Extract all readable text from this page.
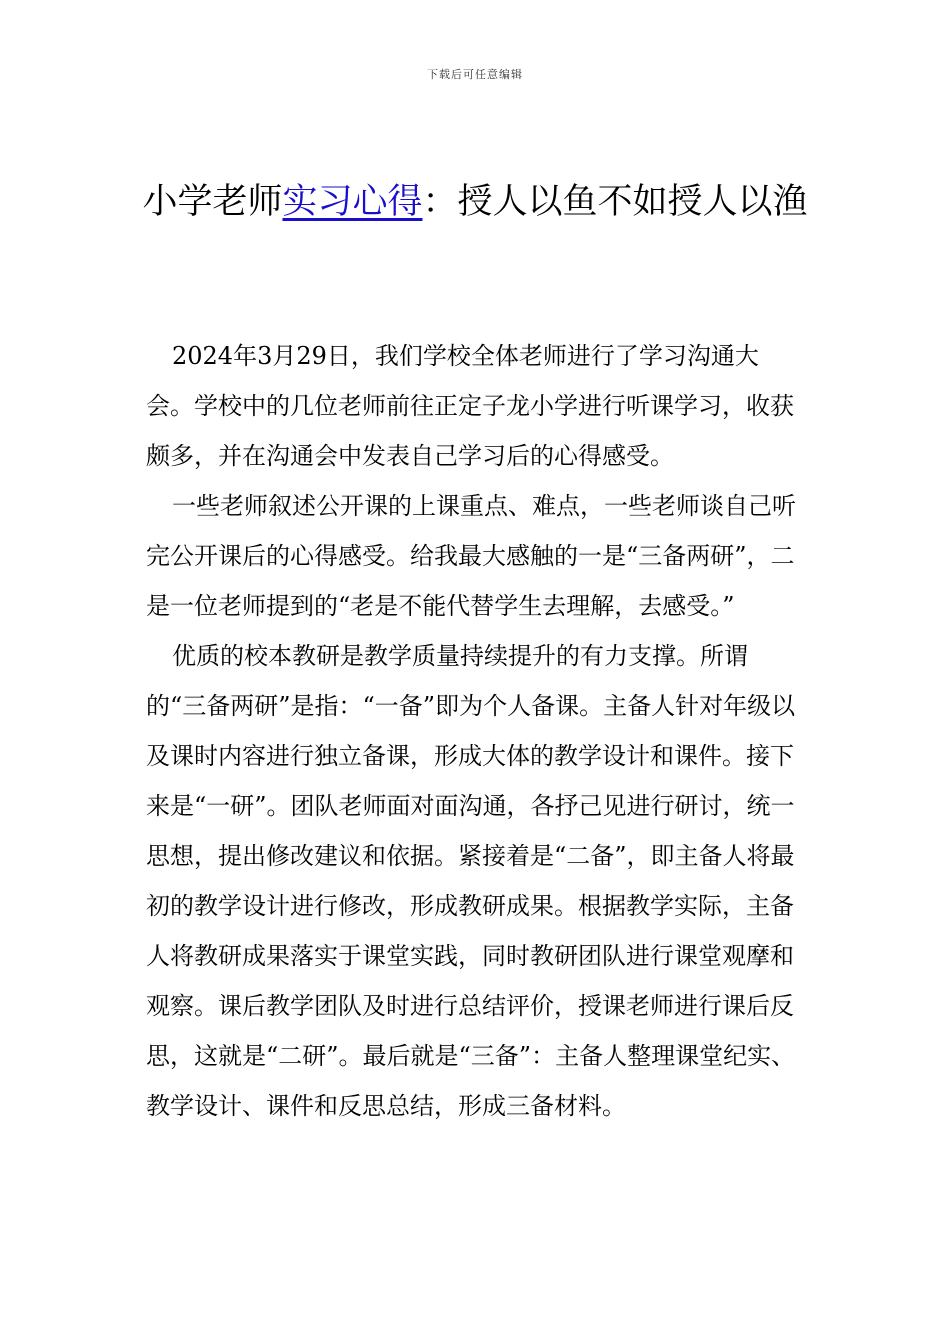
下载后可任意编辑
小学老师实习心得：授人以鱼不如授人以渔

2024年3月29日，我们学校全体老师进行了学习沟通大会。学校中的几位老师前往正定子龙小学进行听课学习，收获颇多，并在沟通会中发表自己学习后的心得感受。

一些老师叙述公开课的上课重点、难点，一些老师谈自己听完公开课后的心得感受。给我最大感触的一是“三备两研”，二是一位老师提到的“老是不能代替学生去理解，去感受。”

优质的校本教研是教学质量持续提升的有力支撑。所谓的“三备两研”是指：“一备”即为个人备课。主备人针对年级以及课时内容进行独立备课，形成大体的教学设计和课件。接下来是“一研”。团队老师面对面沟通，各抒己见进行研讨，统一思想，提出修改建议和依据。紧接着是“二备”，即主备人将最初的教学设计进行修改，形成教研成果。根据教学实际，主备人将教研成果落实于课堂实践，同时教研团队进行课堂观摩和观察。课后教学团队及时进行总结评价，授课老师进行课后反思，这就是“二研”。最后就是“三备”：主备人整理课堂纪实、教学设计、课件和反思总结，形成三备材料。
